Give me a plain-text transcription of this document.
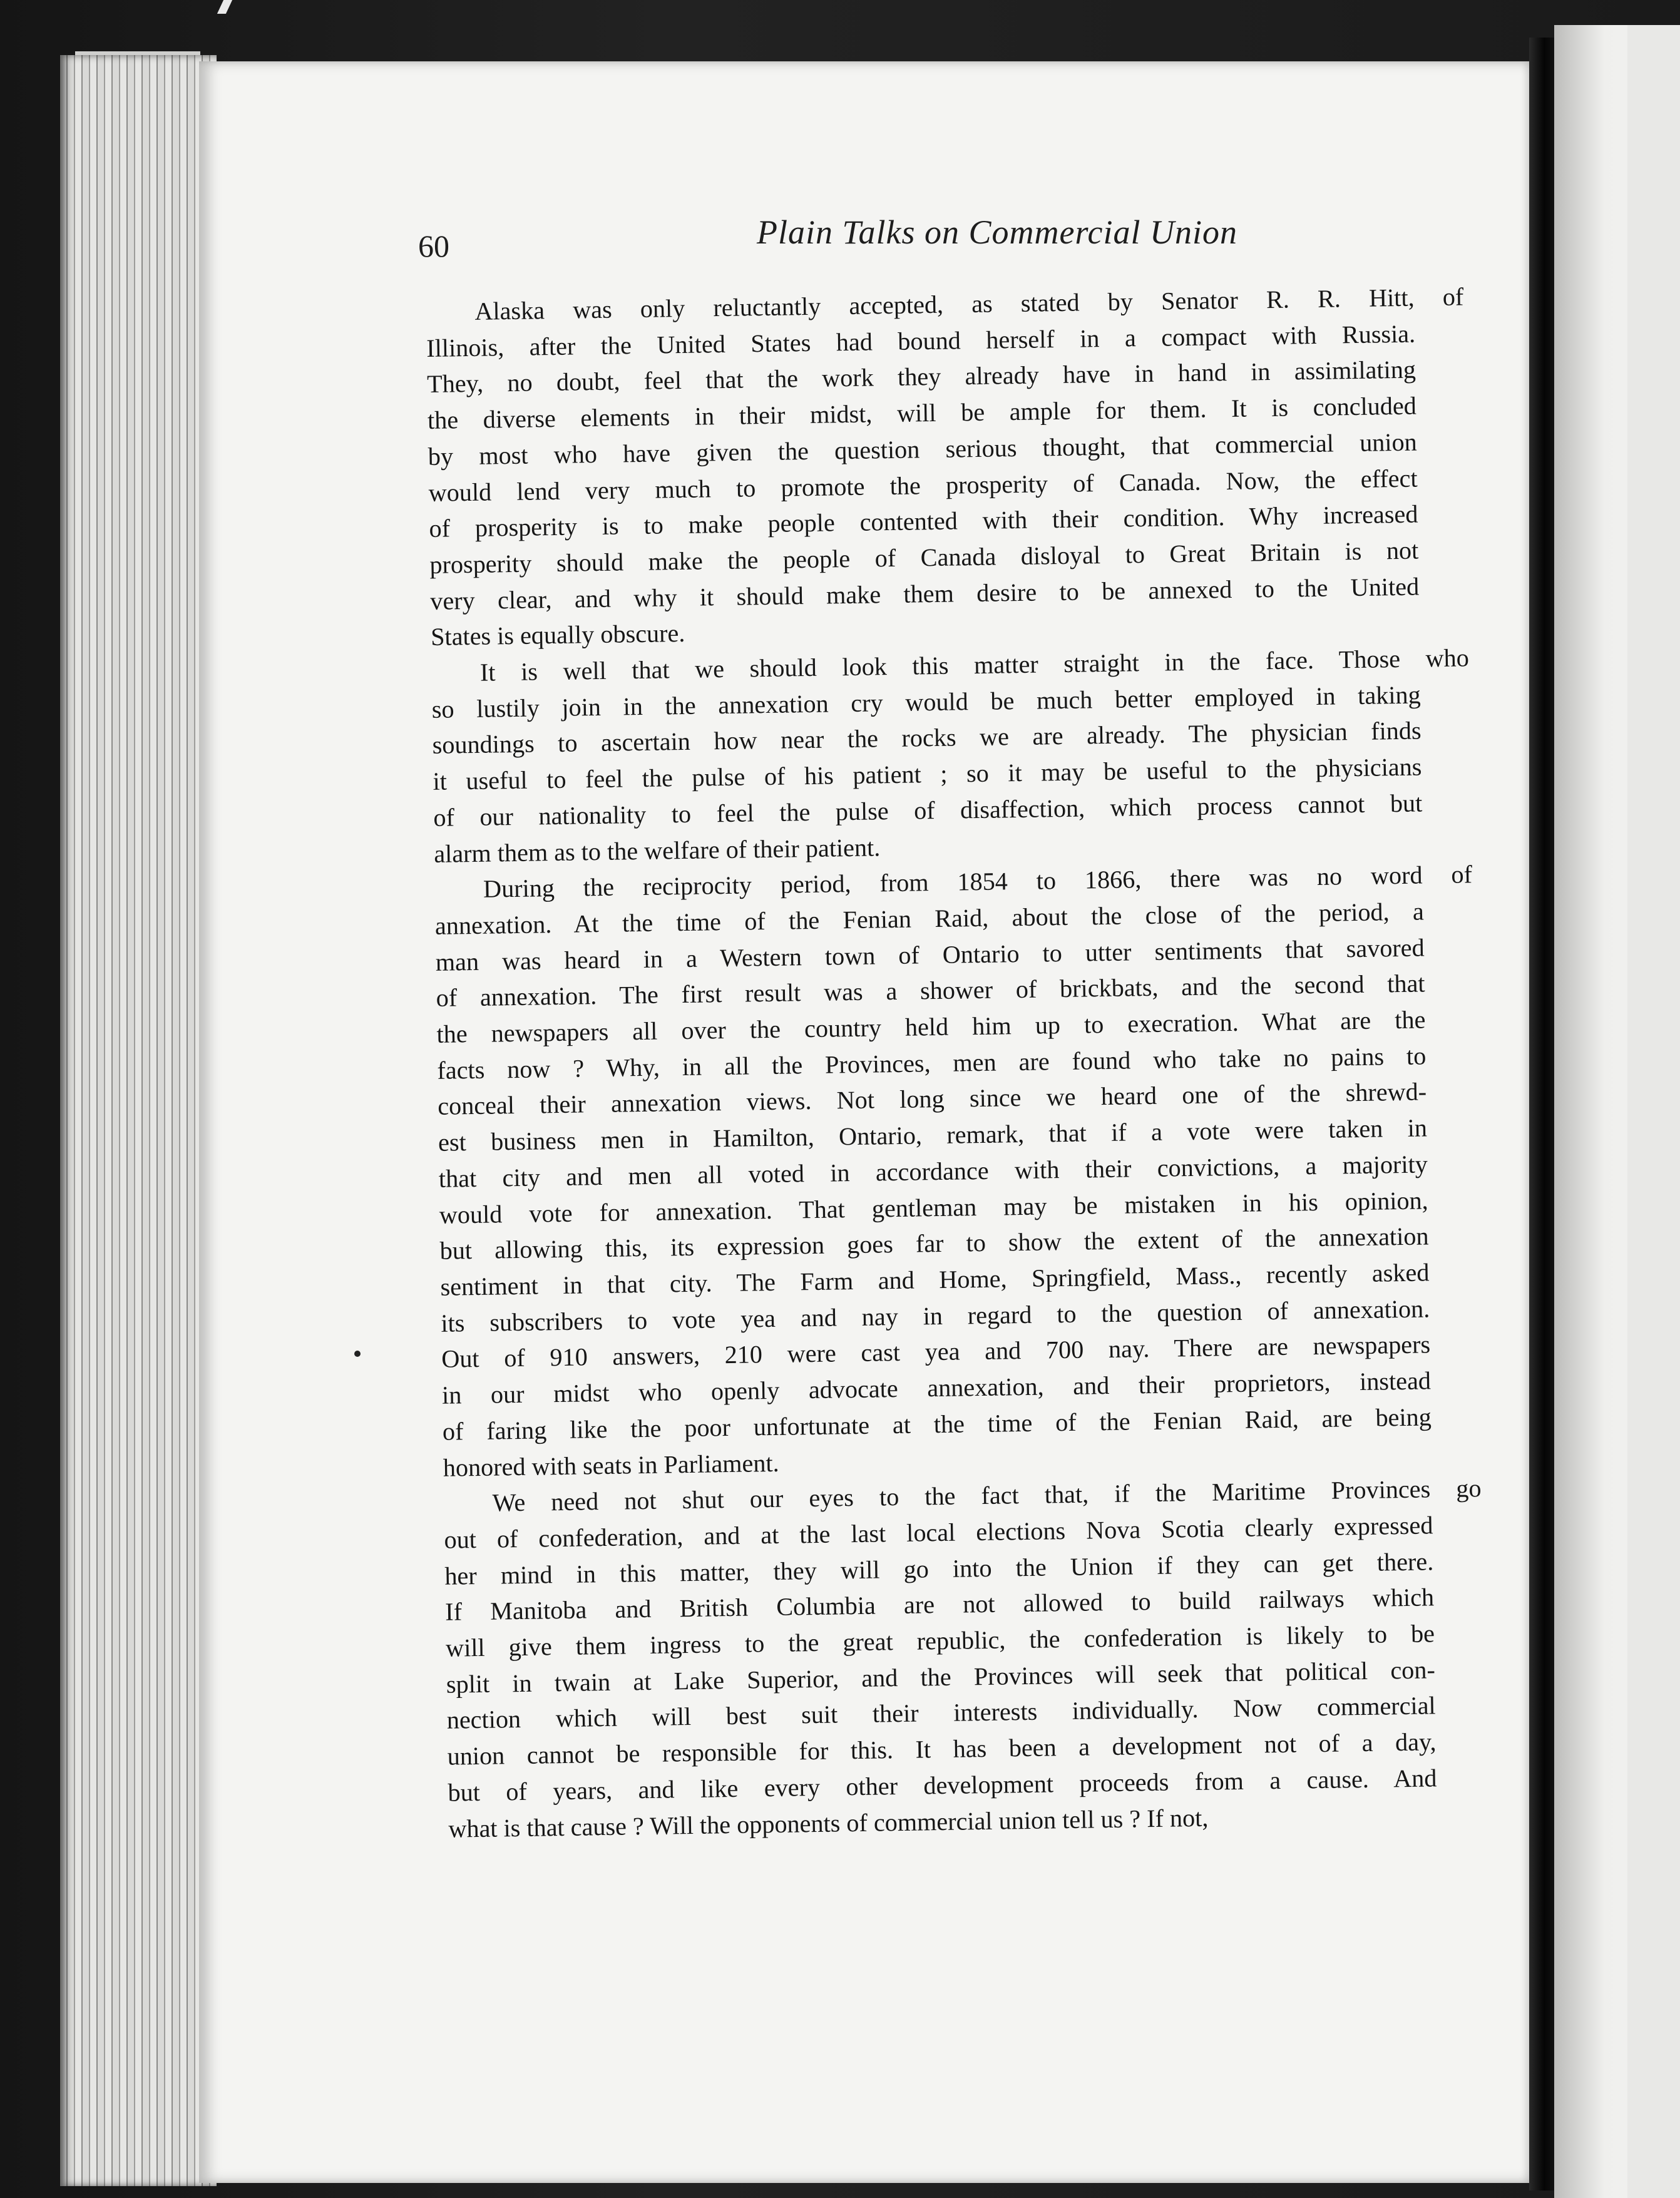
60	Plain Talks on Commercial Union

Alaska was only reluctantly accepted, as stated by Senator R. R. Hitt, of
Illinois, after the United States had bound herself in a compact with Russia.
They, no doubt, feel that the work they already have in hand in assimilating
the diverse elements in their midst, will be ample for them. It is concluded
by most who have given the question serious thought, that commercial union
would lend very much to promote the prosperity of Canada. Now, the effect
of prosperity is to make people contented with their condition. Why increased
prosperity should make the people of Canada disloyal to Great Britain is not
very clear, and why it should make them desire to be annexed to the United
States is equally obscure.

It is well that we should look this matter straight in the face. Those who
so lustily join in the annexation cry would be much better employed in taking
soundings to ascertain how near the rocks we are already. The physician finds
it useful to feel the pulse of his patient ; so it may be useful to the physicians
of our nationality to feel the pulse of disaffection, which process cannot but
alarm them as to the welfare of their patient.

During the reciprocity period, from 1854 to 1866, there was no word of
annexation. At the time of the Fenian Raid, about the close of the period, a
man was heard in a Western town of Ontario to utter sentiments that savored
of annexation. The first result was a shower of brickbats, and the second that
the newspapers all over the country held him up to execration. What are the
facts now ? Why, in all the Provinces, men are found who take no pains to
conceal their annexation views. Not long since we heard one of the shrewd-
est business men in Hamilton, Ontario, remark, that if a vote were taken in
that city and men all voted in accordance with their convictions, a majority
would vote for annexation. That gentleman may be mistaken in his opinion,
but allowing this, its expression goes far to show the extent of the annexation
sentiment in that city. The Farm and Home, Springfield, Mass., recently asked
its subscribers to vote yea and nay in regard to the question of annexation.
Out of 910 answers, 210 were cast yea and 700 nay. There are newspapers
in our midst who openly advocate annexation, and their proprietors, instead
of faring like the poor unfortunate at the time of the Fenian Raid, are being
honored with seats in Parliament.

We need not shut our eyes to the fact that, if the Maritime Provinces go
out of confederation, and at the last local elections Nova Scotia clearly expressed
her mind in this matter, they will go into the Union if they can get there.
If Manitoba and British Columbia are not allowed to build railways which
will give them ingress to the great republic, the confederation is likely to be
split in twain at Lake Superior, and the Provinces will seek that political con-
nection which will best suit their interests individually. Now commercial
union cannot be responsible for this. It has been a development not of a day,
but of years, and like every other development proceeds from a cause. And
what is that cause ? Will the opponents of commercial union tell us ? If not,
